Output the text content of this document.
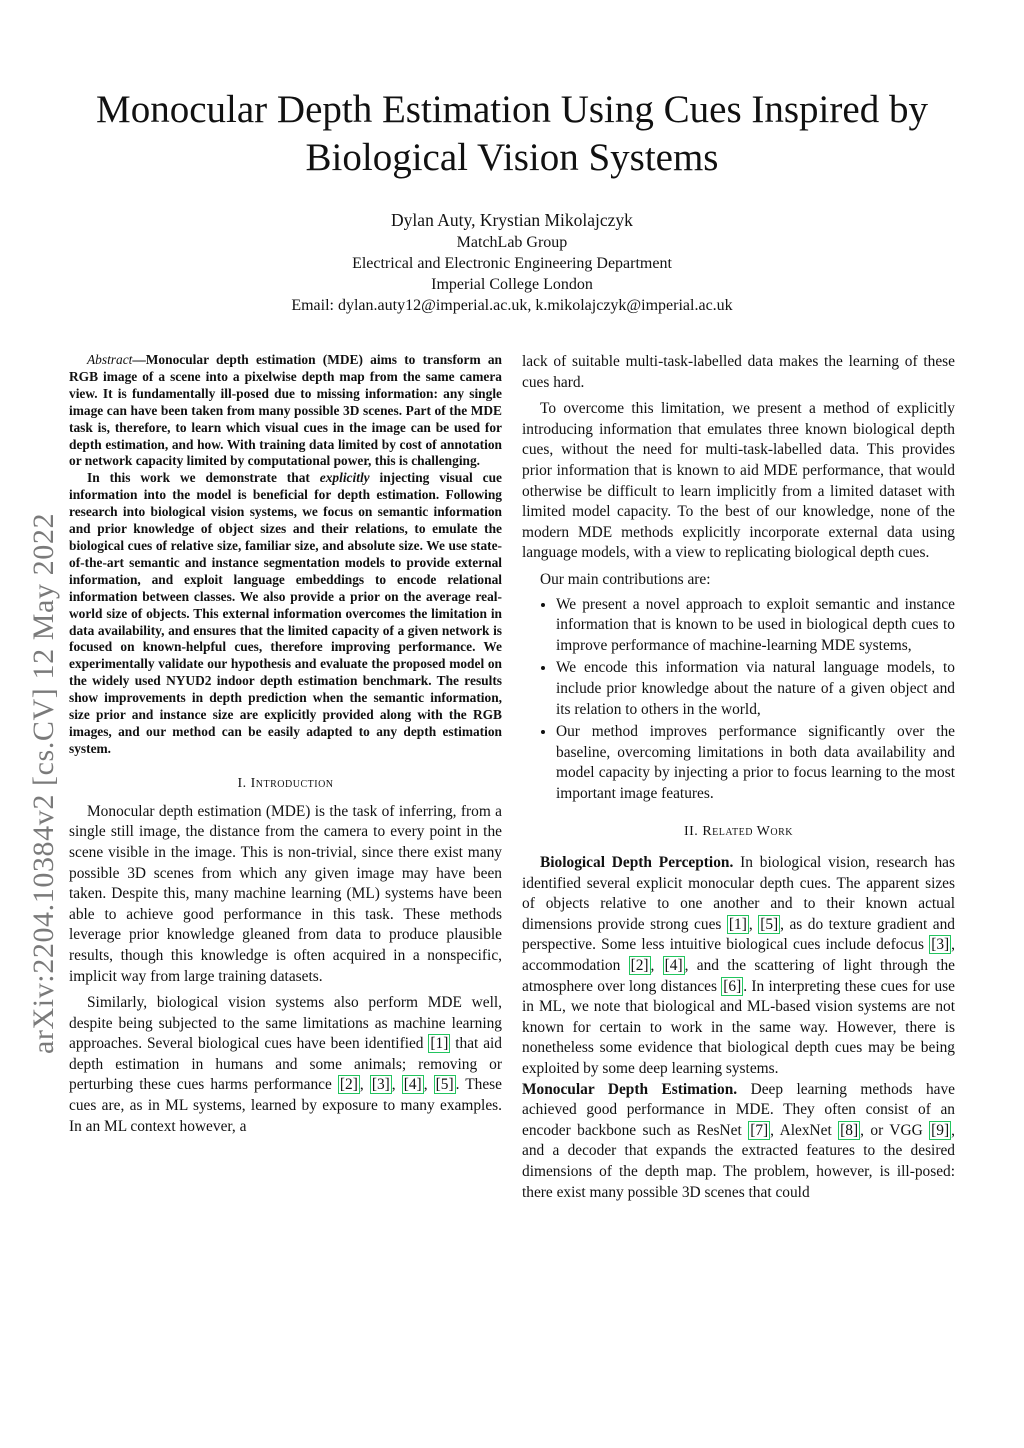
Monocular Depth Estimation Using Cues Inspired by Biological Vision Systems
Dylan Auty, Krystian Mikolajczyk
MatchLab Group
Electrical and Electronic Engineering Department
Imperial College London
Email: dylan.auty12@imperial.ac.uk, k.mikolajczyk@imperial.ac.uk
arXiv:2204.10384v2 [cs.CV] 12 May 2022

Abstract—Monocular depth estimation (MDE) aims to transform an RGB image of a scene into a pixelwise depth map from the same camera view. It is fundamentally ill-posed due to missing information: any single image can have been taken from many possible 3D scenes. Part of the MDE task is, therefore, to learn which visual cues in the image can be used for depth estimation, and how. With training data limited by cost of annotation or network capacity limited by computational power, this is challenging.

In this work we demonstrate that explicitly injecting visual cue information into the model is beneficial for depth estimation. Following research into biological vision systems, we focus on semantic information and prior knowledge of object sizes and their relations, to emulate the biological cues of relative size, familiar size, and absolute size. We use state-of-the-art semantic and instance segmentation models to provide external information, and exploit language embeddings to encode relational information between classes. We also provide a prior on the average real-world size of objects. This external information overcomes the limitation in data availability, and ensures that the limited capacity of a given network is focused on known-helpful cues, therefore improving performance. We experimentally validate our hypothesis and evaluate the proposed model on the widely used NYUD2 indoor depth estimation benchmark. The results show improvements in depth prediction when the semantic information, size prior and instance size are explicitly provided along with the RGB images, and our method can be easily adapted to any depth estimation system.

I. Introduction

Monocular depth estimation (MDE) is the task of inferring, from a single still image, the distance from the camera to every point in the scene visible in the image. This is non-trivial, since there exist many possible 3D scenes from which any given image may have been taken. Despite this, many machine learning (ML) systems have been able to achieve good performance in this task. These methods leverage prior knowledge gleaned from data to produce plausible results, though this knowledge is often acquired in a nonspecific, implicit way from large training datasets.

Similarly, biological vision systems also perform MDE well, despite being subjected to the same limitations as machine learning approaches. Several biological cues have been identified [1] that aid depth estimation in humans and some animals; removing or perturbing these cues harms performance [2] , [3] , [4] , [5] . These cues are, as in ML systems, learned by exposure to many examples. In an ML context however, a

lack of suitable multi-task-labelled data makes the learning of these cues hard.

To overcome this limitation, we present a method of explicitly introducing information that emulates three known biological depth cues, without the need for multi-task-labelled data. This provides prior information that is known to aid MDE performance, that would otherwise be difficult to learn implicitly from a limited dataset with limited model capacity. To the best of our knowledge, none of the modern MDE methods explicitly incorporate external data using language models, with a view to replicating biological depth cues.

Our main contributions are:

• We present a novel approach to exploit semantic and instance information that is known to be used in biological depth cues to improve performance of machine-learning MDE systems,
• We encode this information via natural language models, to include prior knowledge about the nature of a given object and its relation to others in the world,
• Our method improves performance significantly over the baseline, overcoming limitations in both data availability and model capacity by injecting a prior to focus learning to the most important image features.
II. Related Work

Biological Depth Perception. In biological vision, research has identified several explicit monocular depth cues. The apparent sizes of objects relative to one another and to their known actual dimensions provide strong cues [1] , [5] , as do texture gradient and perspective. Some less intuitive biological cues include defocus [3] , accommodation [2] , [4] , and the scattering of light through the atmosphere over long distances [6] . In interpreting these cues for use in ML, we note that biological and ML-based vision systems are not known for certain to work in the same way. However, there is nonetheless some evidence that biological depth cues may be being exploited by some deep learning systems.

Monocular Depth Estimation. Deep learning methods have achieved good performance in MDE. They often consist of an encoder backbone such as ResNet [7] , AlexNet [8] , or VGG [9] , and a decoder that expands the extracted features to the desired dimensions of the depth map. The problem, however, is ill-posed: there exist many possible 3D scenes that could
